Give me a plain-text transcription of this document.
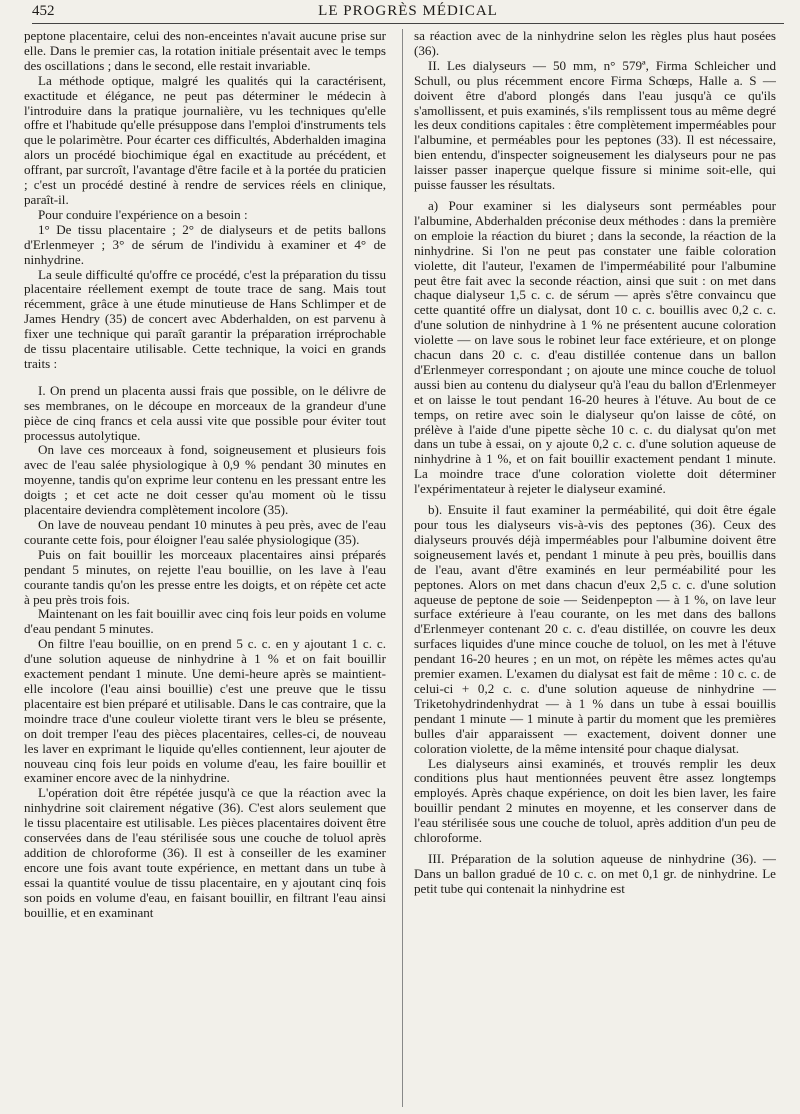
452	LE PROGRÈS MÉDICAL

peptone placentaire, celui des non-enceintes n'avait aucune prise sur elle. Dans le premier cas, la rotation initiale présentait avec le temps des oscillations ; dans le second, elle restait invariable.

La méthode optique, malgré les qualités qui la caractérisent, exactitude et élégance, ne peut pas déterminer le médecin à l'introduire dans la pratique journalière, vu les techniques qu'elle offre et l'habitude qu'elle présuppose dans l'emploi d'instruments tels que le polarimètre. Pour écarter ces difficultés, Abderhalden imagina alors un procédé biochimique égal en exactitude au précédent, et offrant, par surcroît, l'avantage d'être facile et à la portée du praticien ; c'est un procédé destiné à rendre de services réels en clinique, paraît-il.

Pour conduire l'expérience on a besoin :

1° De tissu placentaire ; 2° de dialyseurs et de petits ballons d'Erlenmeyer ; 3° de sérum de l'individu à examiner et 4° de ninhydrine.

La seule difficulté qu'offre ce procédé, c'est la préparation du tissu placentaire réellement exempt de toute trace de sang. Mais tout récemment, grâce à une étude minutieuse de Hans Schlimper et de James Hendry (35) de concert avec Abderhalden, on est parvenu à fixer une technique qui paraît garantir la préparation irréprochable de tissu placentaire utilisable. Cette technique, la voici en grands traits :

I. On prend un placenta aussi frais que possible, on le délivre de ses membranes, on le découpe en morceaux de la grandeur d'une pièce de cinq francs et cela aussi vite que possible pour éviter tout processus autolytique.

On lave ces morceaux à fond, soigneusement et plusieurs fois avec de l'eau salée physiologique à 0,9 % pendant 30 minutes en moyenne, tandis qu'on exprime leur contenu en les pressant entre les doigts ; et cet acte ne doit cesser qu'au moment où le tissu placentaire deviendra complètement incolore (35).

On lave de nouveau pendant 10 minutes à peu près, avec de l'eau courante cette fois, pour éloigner l'eau salée physiologique (35).

Puis on fait bouillir les morceaux placentaires ainsi préparés pendant 5 minutes, on rejette l'eau bouillie, on les lave à l'eau courante tandis qu'on les presse entre les doigts, et on répète cet acte à peu près trois fois.

Maintenant on les fait bouillir avec cinq fois leur poids en volume d'eau pendant 5 minutes.

On filtre l'eau bouillie, on en prend 5 c. c. en y ajoutant 1 c. c. d'une solution aqueuse de ninhydrine à 1 % et on fait bouillir exactement pendant 1 minute. Une demi-heure après se maintient-elle incolore (l'eau ainsi bouillie) c'est une preuve que le tissu placentaire est bien préparé et utilisable. Dans le cas contraire, que la moindre trace d'une couleur violette tirant vers le bleu se présente, on doit tremper l'eau des pièces placentaires, celles-ci, de nouveau les laver en exprimant le liquide qu'elles contiennent, leur ajouter de nouveau cinq fois leur poids en volume d'eau, les faire bouillir et examiner encore avec de la ninhydrine.

L'opération doit être répétée jusqu'à ce que la réaction avec la ninhydrine soit clairement négative (36). C'est alors seulement que le tissu placentaire est utilisable. Les pièces placentaires doivent être conservées dans de l'eau stérilisée sous une couche de toluol après addition de chloroforme (36). Il est à conseiller de les examiner encore une fois avant toute expérience, en mettant dans un tube à essai la quantité voulue de tissu placentaire, en y ajoutant cinq fois son poids en volume d'eau, en faisant bouillir, en filtrant l'eau ainsi bouillie, et en examinant

sa réaction avec de la ninhydrine selon les règles plus haut posées (36).

II. Les dialyseurs — 50 mm, n° 579ª, Firma Schleicher und Schull, ou plus récemment encore Firma Schœps, Halle a. S — doivent être d'abord plongés dans l'eau jusqu'à ce qu'ils s'amollissent, et puis examinés, s'ils remplissent tous au même degré les deux conditions capitales : être complètement imperméables pour l'albumine, et perméables pour les peptones (33). Il est nécessaire, bien entendu, d'inspecter soigneusement les dialyseurs pour ne pas laisser passer inaperçue quelque fissure si minime soit-elle, qui puisse fausser les résultats.

a) Pour examiner si les dialyseurs sont perméables pour l'albumine, Abderhalden préconise deux méthodes : dans la première on emploie la réaction du biuret ; dans la seconde, la réaction de la ninhydrine. Si l'on ne peut pas constater une faible coloration violette, dit l'auteur, l'examen de l'imperméabilité pour l'albumine peut être fait avec la seconde réaction, ainsi que suit : on met dans chaque dialyseur 1,5 c. c. de sérum — après s'être convaincu que cette quantité offre un dialysat, dont 10 c. c. bouillis avec 0,2 c. c. d'une solution de ninhydrine à 1 % ne présentent aucune coloration violette — on lave sous le robinet leur face extérieure, et on plonge chacun dans 20 c. c. d'eau distillée contenue dans un ballon d'Erlenmeyer correspondant ; on ajoute une mince couche de toluol aussi bien au contenu du dialyseur qu'à l'eau du ballon d'Erlenmeyer et on laisse le tout pendant 16-20 heures à l'étuve. Au bout de ce temps, on retire avec soin le dialyseur qu'on laisse de côté, on prélève à l'aide d'une pipette sèche 10 c. c. du dialysat qu'on met dans un tube à essai, on y ajoute 0,2 c. c. d'une solution aqueuse de ninhydrine à 1 %, et on fait bouillir exactement pendant 1 minute. La moindre trace d'une coloration violette doit déterminer l'expérimentateur à rejeter le dialyseur examiné.

b). Ensuite il faut examiner la perméabilité, qui doit être égale pour tous les dialyseurs vis-à-vis des peptones (36). Ceux des dialyseurs prouvés déjà imperméables pour l'albumine doivent être soigneusement lavés et, pendant 1 minute à peu près, bouillis dans de l'eau, avant d'être examinés en leur perméabilité pour les peptones. Alors on met dans chacun d'eux 2,5 c. c. d'une solution aqueuse de peptone de soie — Seidenpepton — à 1 %, on lave leur surface extérieure à l'eau courante, on les met dans des ballons d'Erlenmeyer contenant 20 c. c. d'eau distillée, on couvre les deux surfaces liquides d'une mince couche de toluol, on les met à l'étuve pendant 16-20 heures ; en un mot, on répète les mêmes actes qu'au premier examen. L'examen du dialysat est fait de même : 10 c. c. de celui-ci + 0,2 c. c. d'une solution aqueuse de ninhydrine — Triketohydrindenhydrat — à 1 % dans un tube à essai bouillis pendant 1 minute — 1 minute à partir du moment que les premières bulles d'air apparaissent — exactement, doivent donner une coloration violette, de la même intensité pour chaque dialysat.

Les dialyseurs ainsi examinés, et trouvés remplir les deux conditions plus haut mentionnées peuvent être assez longtemps employés. Après chaque expérience, on doit les bien laver, les faire bouillir pendant 2 minutes en moyenne, et les conserver dans de l'eau stérilisée sous une couche de toluol, après addition d'un peu de chloroforme.

III. Préparation de la solution aqueuse de ninhydrine (36). — Dans un ballon gradué de 10 c. c. on met 0,1 gr. de ninhydrine. Le petit tube qui contenait la ninhydrine est
